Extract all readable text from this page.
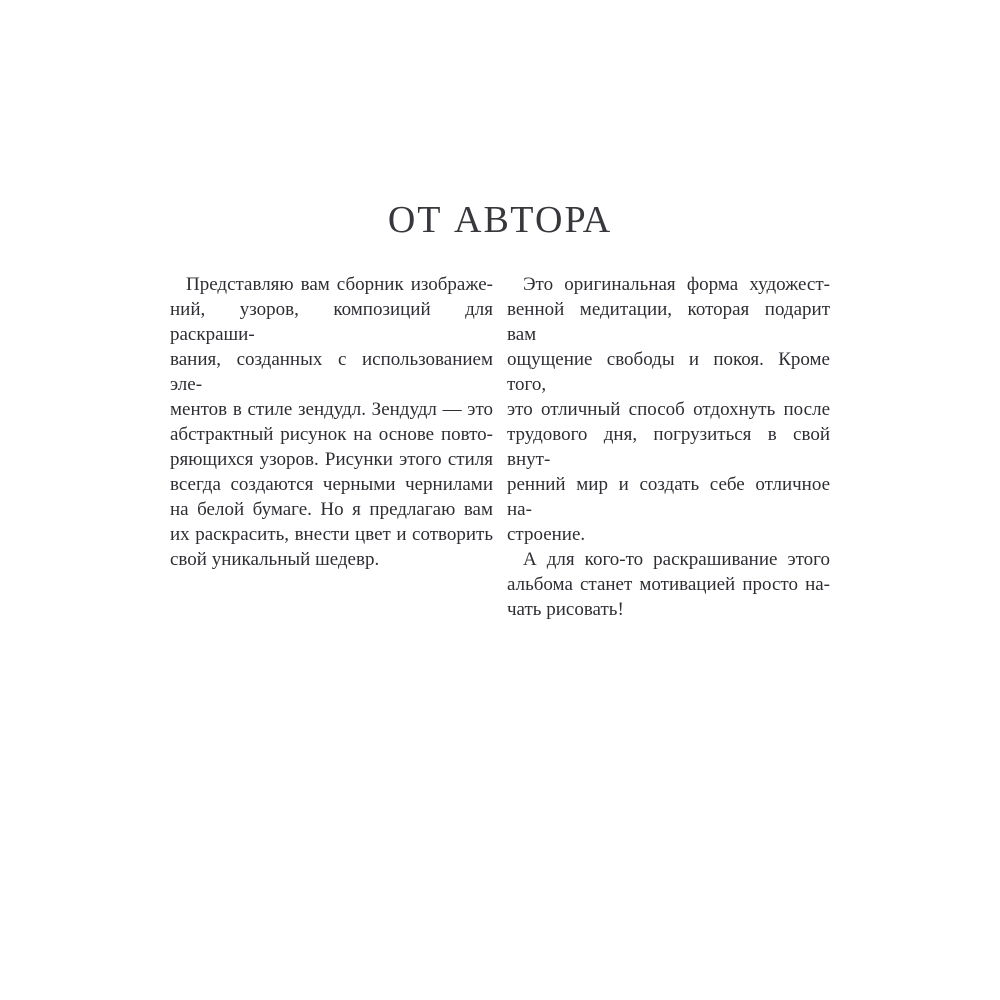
ОТ АВТОРА
Представляю вам сборник изображе-
ний, узоров, композиций для раскраши-
вания, созданных с использованием эле-
ментов в стиле зендудл. Зендудл — это
абстрактный рисунок на основе повто-
ряющихся узоров. Рисунки этого стиля
всегда создаются черными чернилами
на белой бумаге. Но я предлагаю вам
их раскрасить, внести цвет и сотворить
свой уникальный шедевр.
Это оригинальная форма художест-
венной медитации, которая подарит вам
ощущение свободы и покоя. Кроме того,
это отличный способ отдохнуть после
трудового дня, погрузиться в свой внут-
ренний мир и создать себе отличное на-
строение.
А для кого-то раскрашивание этого
альбома станет мотивацией просто на-
чать рисовать!
